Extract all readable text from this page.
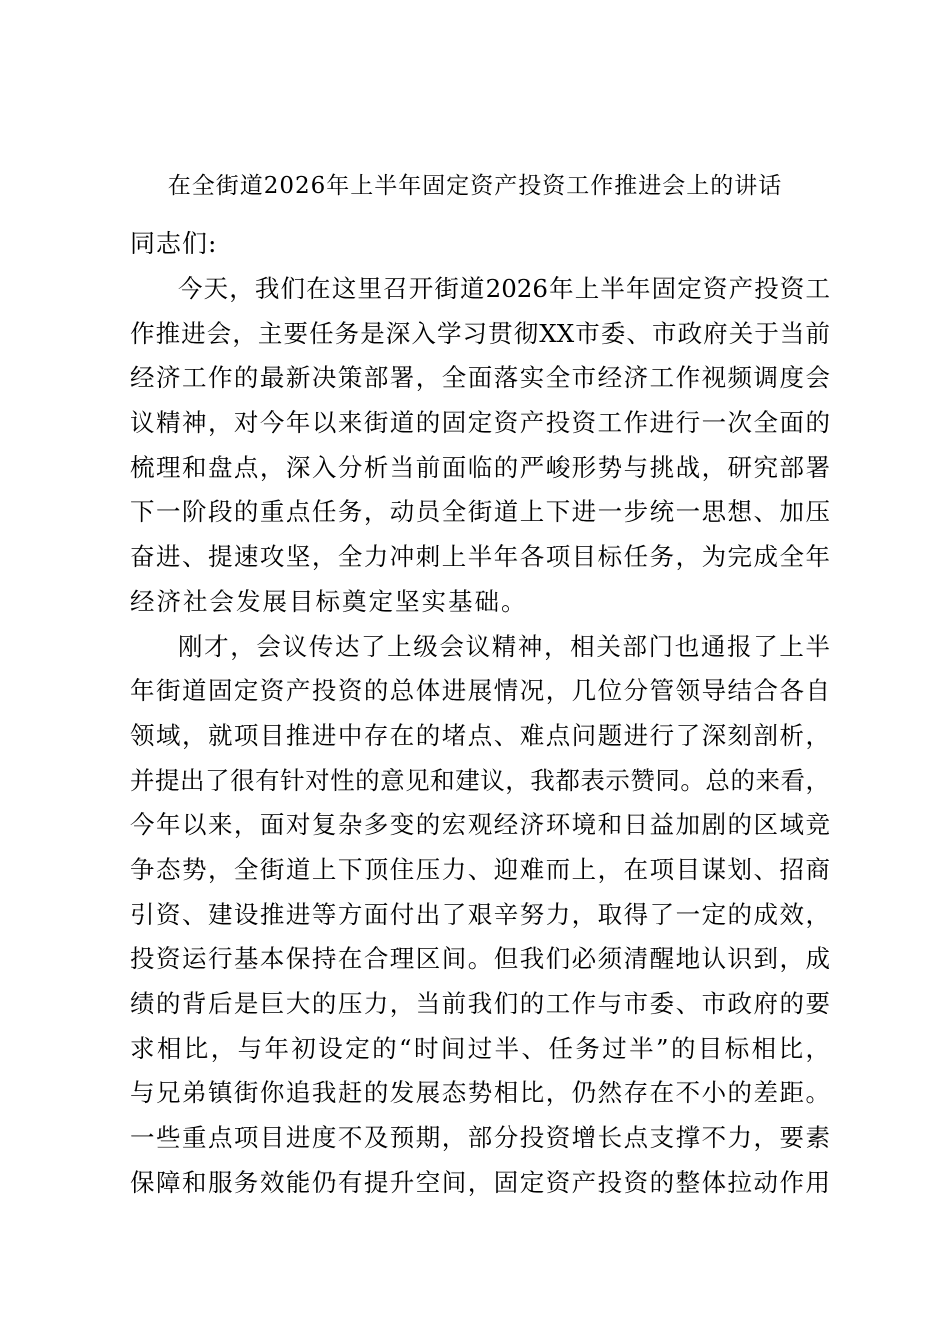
在全街道2026年上半年固定资产投资工作推进会上的讲话
同志们:
今天，我们在这里召开街道2026年上半年固定资产投资工
作推进会，主要任务是深入学习贯彻XX市委、市政府关于当前
经济工作的最新决策部署，全面落实全市经济工作视频调度会
议精神，对今年以来街道的固定资产投资工作进行一次全面的
梳理和盘点，深入分析当前面临的严峻形势与挑战，研究部署
下一阶段的重点任务，动员全街道上下进一步统一思想、加压
奋进、提速攻坚，全力冲刺上半年各项目标任务，为完成全年
经济社会发展目标奠定坚实基础。
刚才，会议传达了上级会议精神，相关部门也通报了上半
年街道固定资产投资的总体进展情况，几位分管领导结合各自
领域，就项目推进中存在的堵点、难点问题进行了深刻剖析，
并提出了很有针对性的意见和建议，我都表示赞同。总的来看，
今年以来，面对复杂多变的宏观经济环境和日益加剧的区域竞
争态势，全街道上下顶住压力、迎难而上，在项目谋划、招商
引资、建设推进等方面付出了艰辛努力，取得了一定的成效，
投资运行基本保持在合理区间。但我们必须清醒地认识到，成
绩的背后是巨大的压力，当前我们的工作与市委、市政府的要
求相比，与年初设定的“时间过半、任务过半”的目标相比，
与兄弟镇街你追我赶的发展态势相比，仍然存在不小的差距。
一些重点项目进度不及预期，部分投资增长点支撑不力，要素
保障和服务效能仍有提升空间，固定资产投资的整体拉动作用
